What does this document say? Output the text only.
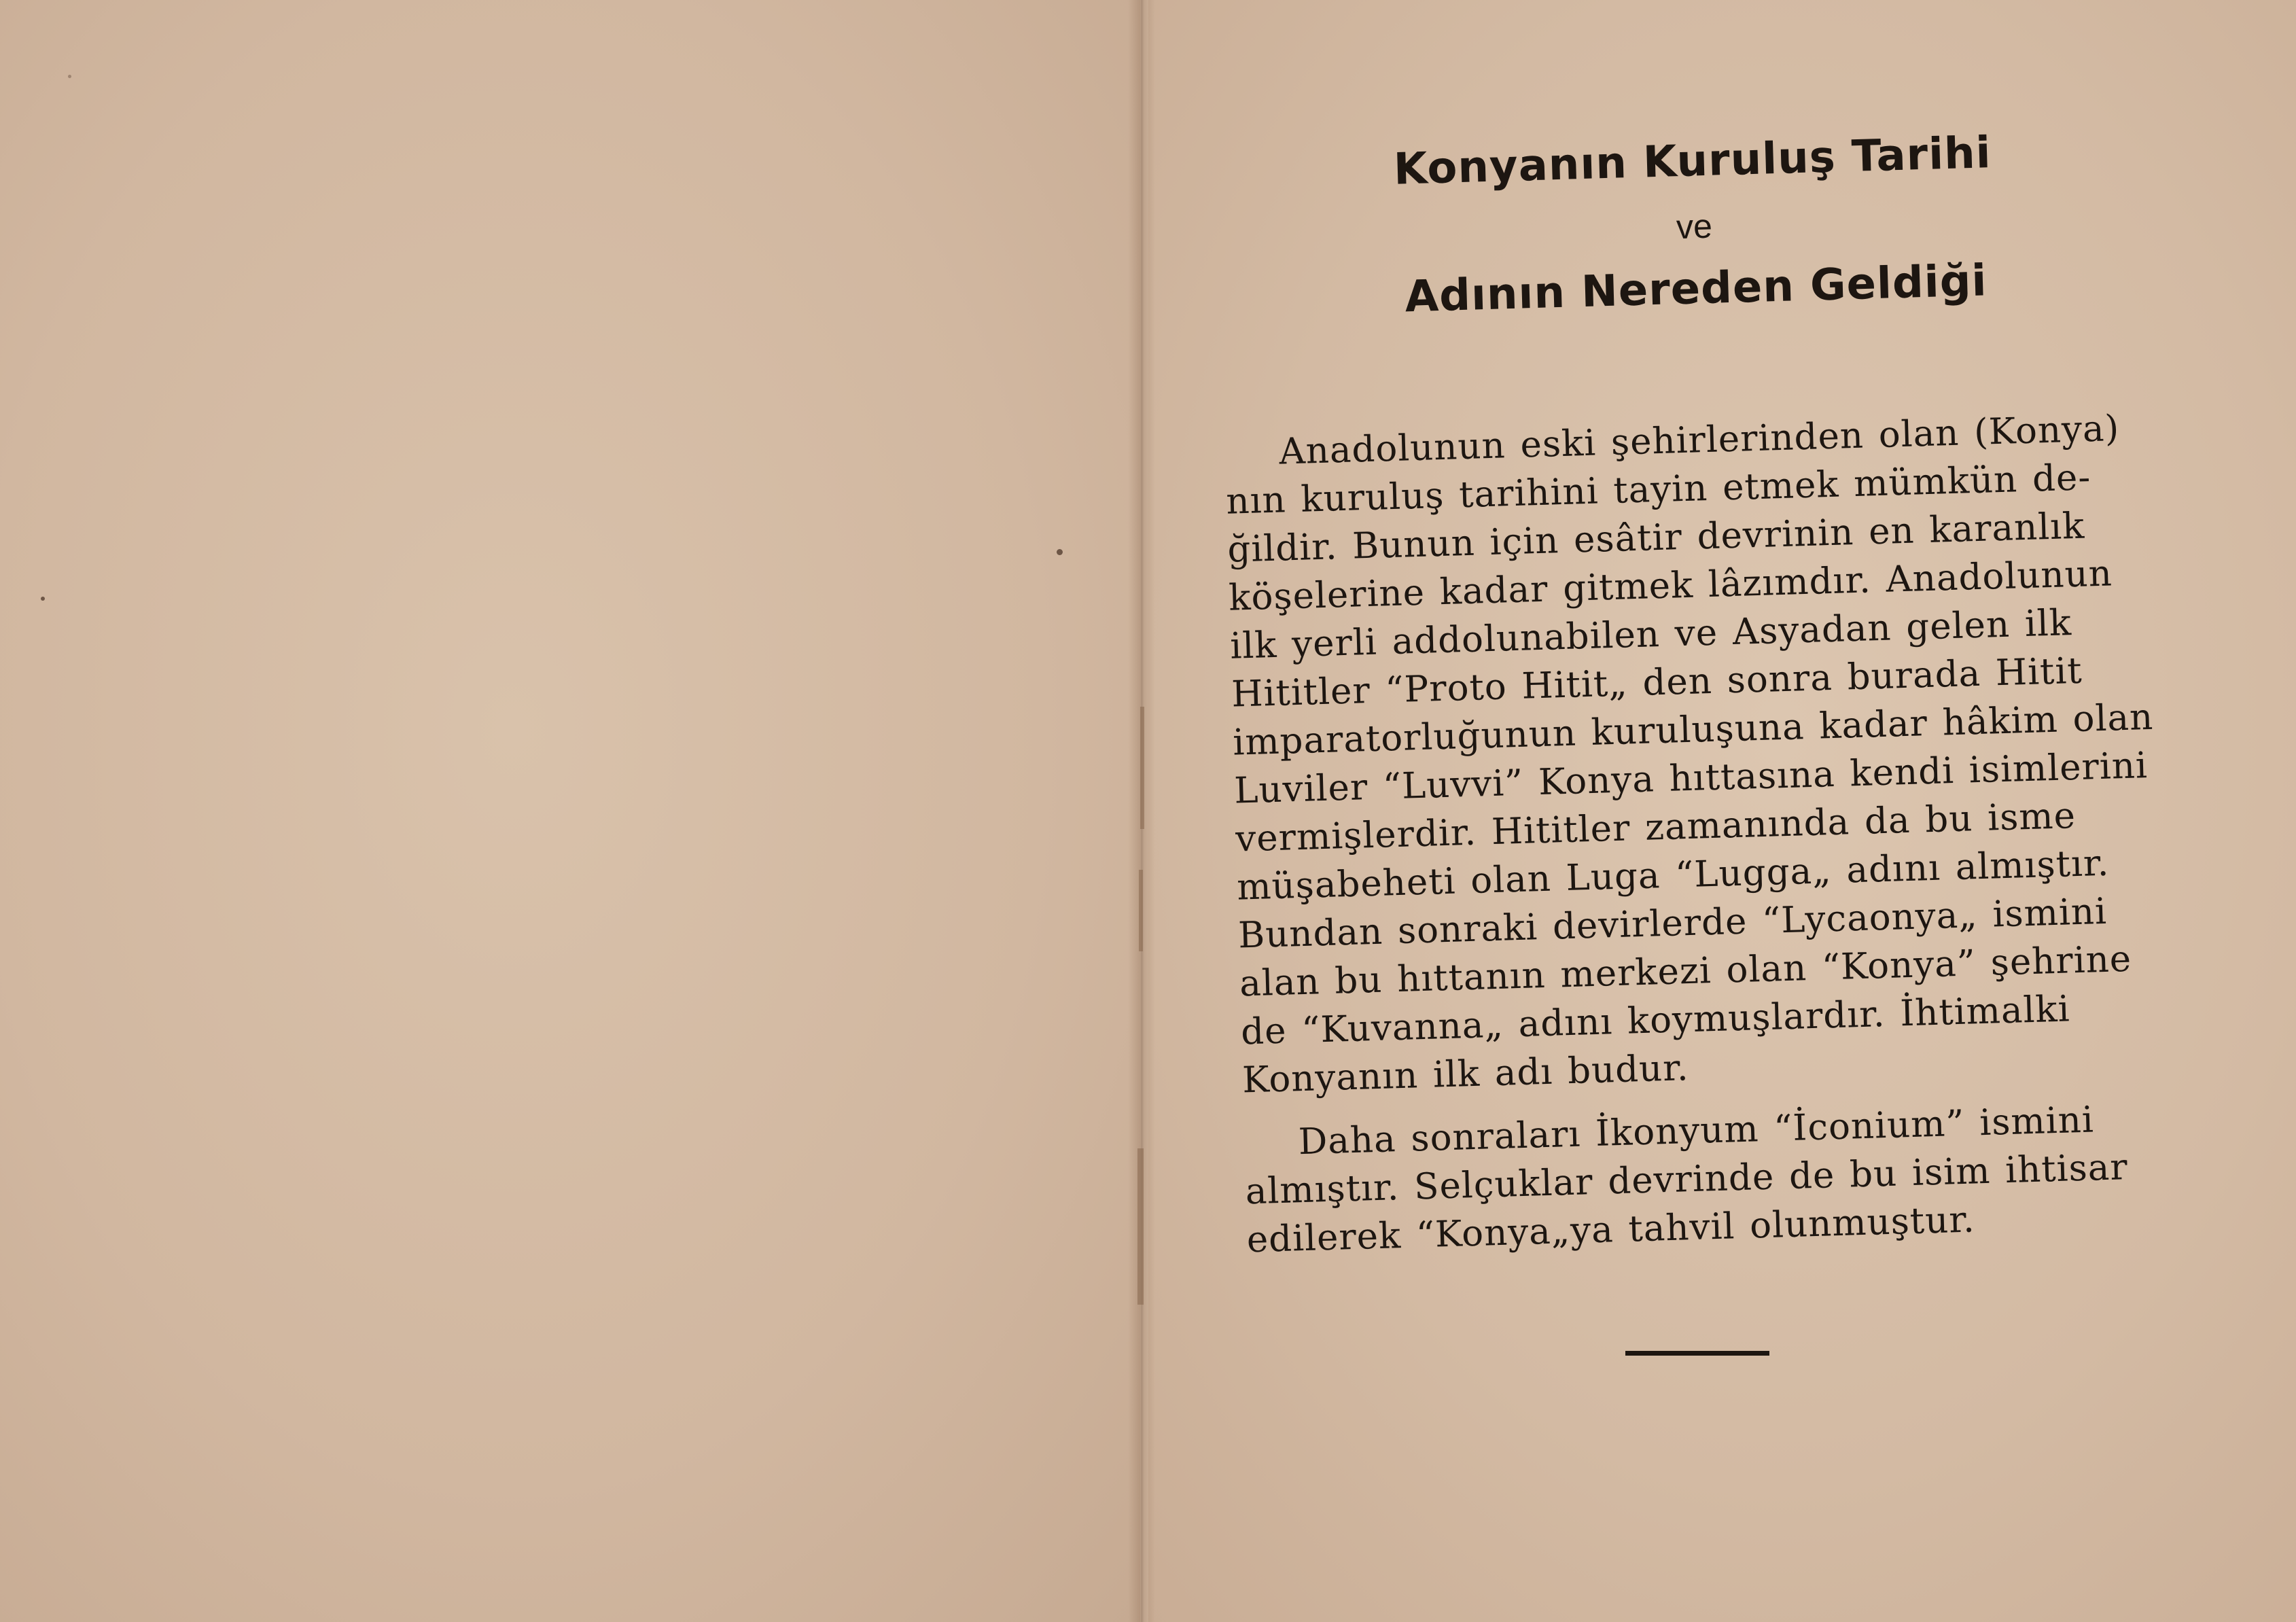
Konyanın Kuruluş Tarihi
ve
Adının Nereden Geldiği

Anadolunun eski şehirlerinden olan (Konya)
nın kuruluş tarihini tayin etmek mümkün de-
ğildir. Bunun için esâtir devrinin en karanlık
köşelerine kadar gitmek lâzımdır. Anadolunun
ilk yerli addolunabilen ve Asyadan gelen ilk
Hititler “Proto Hitit„ den sonra burada Hitit
imparatorluğunun kuruluşuna kadar hâkim olan
Luviler “Luvvi” Konya hıttasına kendi isimlerini
vermişlerdir. Hititler zamanında da bu isme
müşabeheti olan Luga “Lugga„ adını almıştır.
Bundan sonraki devirlerde “Lycaonya„ ismini
alan bu hıttanın merkezi olan “Konya” şehrine
de “Kuvanna„ adını koymuşlardır. İhtimalki
Konyanın ilk adı budur.

Daha sonraları İkonyum “İconium” ismini
almıştır. Selçuklar devrinde de bu isim ihtisar
edilerek “Konya„ya tahvil olunmuştur.
